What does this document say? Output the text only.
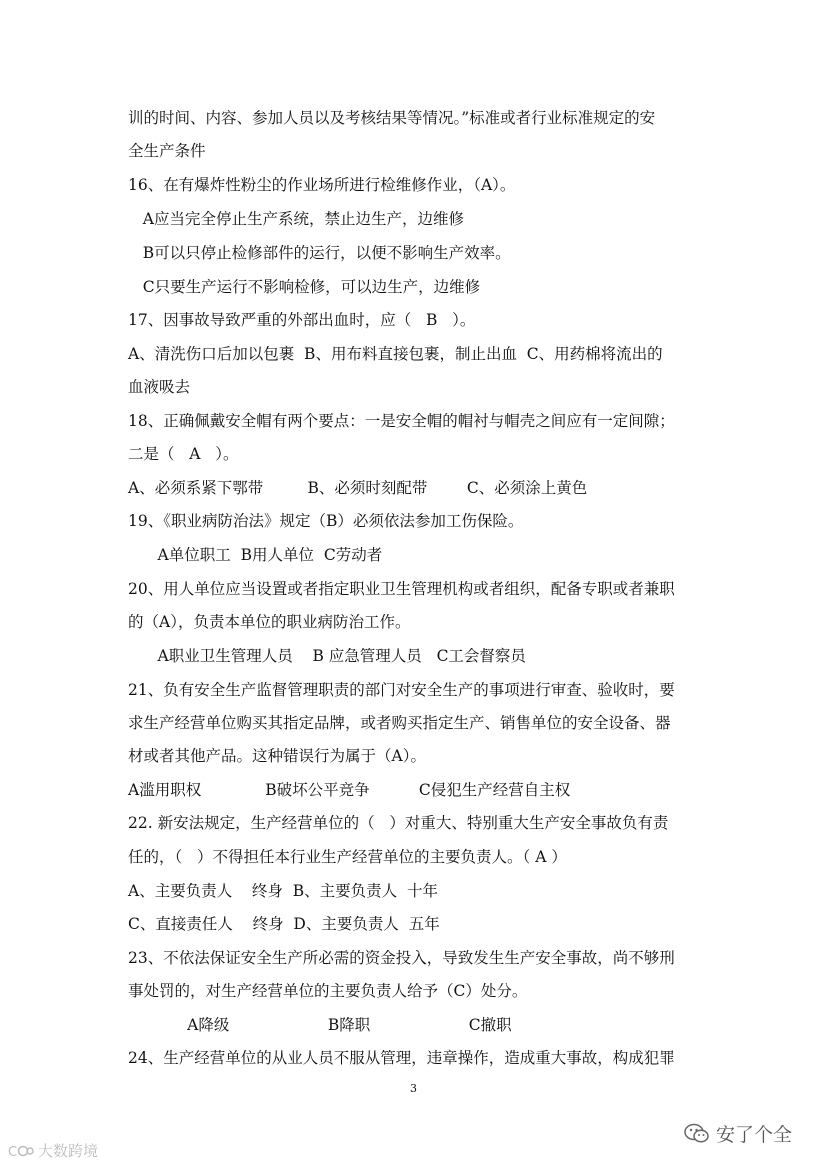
训的时间、内容、参加人员以及考核结果等情况。”标准或者行业标准规定的安
全生产条件
16、在有爆炸性粉尘的作业场所进行检维修作业，（A）。
A应当完全停止生产系统，禁止边生产，边维修
B可以只停止检修部件的运行，以便不影响生产效率。
C只要生产运行不影响检修，可以边生产，边维修
17、因事故导致严重的外部出血时，应（   B   ）。
A、清洗伤口后加以包裹  B、用布料直接包裹，制止出血  C、用药棉将流出的
血液吸去
18、正确佩戴安全帽有两个要点：一是安全帽的帽衬与帽壳之间应有一定间隙；
二是（   A   ）。
A、必须系紧下鄂带         B、必须时刻配带        C、必须涂上黄色
19、《职业病防治法》规定（B）必须依法参加工伤保险。
A单位职工  B用人单位  C劳动者
20、用人单位应当设置或者指定职业卫生管理机构或者组织，配备专职或者兼职
的（A），负责本单位的职业病防治工作。
A职业卫生管理人员    B 应急管理人员   C工会督察员
21、负有安全生产监督管理职责的部门对安全生产的事项进行审查、验收时，要
求生产经营单位购买其指定品牌，或者购买指定生产、销售单位的安全设备、器
材或者其他产品。这种错误行为属于（A）。
A滥用职权             B破坏公平竞争          C侵犯生产经营自主权
22. 新安法规定，生产经营单位的（   ）对重大、特别重大生产安全事故负有责
任的，（   ）不得担任本行业生产经营单位的主要负责人。（ A ）
A、主要负责人    终身  B、主要负责人  十年
C、直接责任人    终身  D、主要负责人  五年
23、不依法保证安全生产所必需的资金投入，导致发生生产安全事故，尚不够刑
事处罚的，对生产经营单位的主要负责人给予（C）处分。
A降级                    B降职                    C撤职
24、生产经营单位的从业人员不服从管理，违章操作，造成重大事故，构成犯罪
3
C 大数跨境
安了个全
